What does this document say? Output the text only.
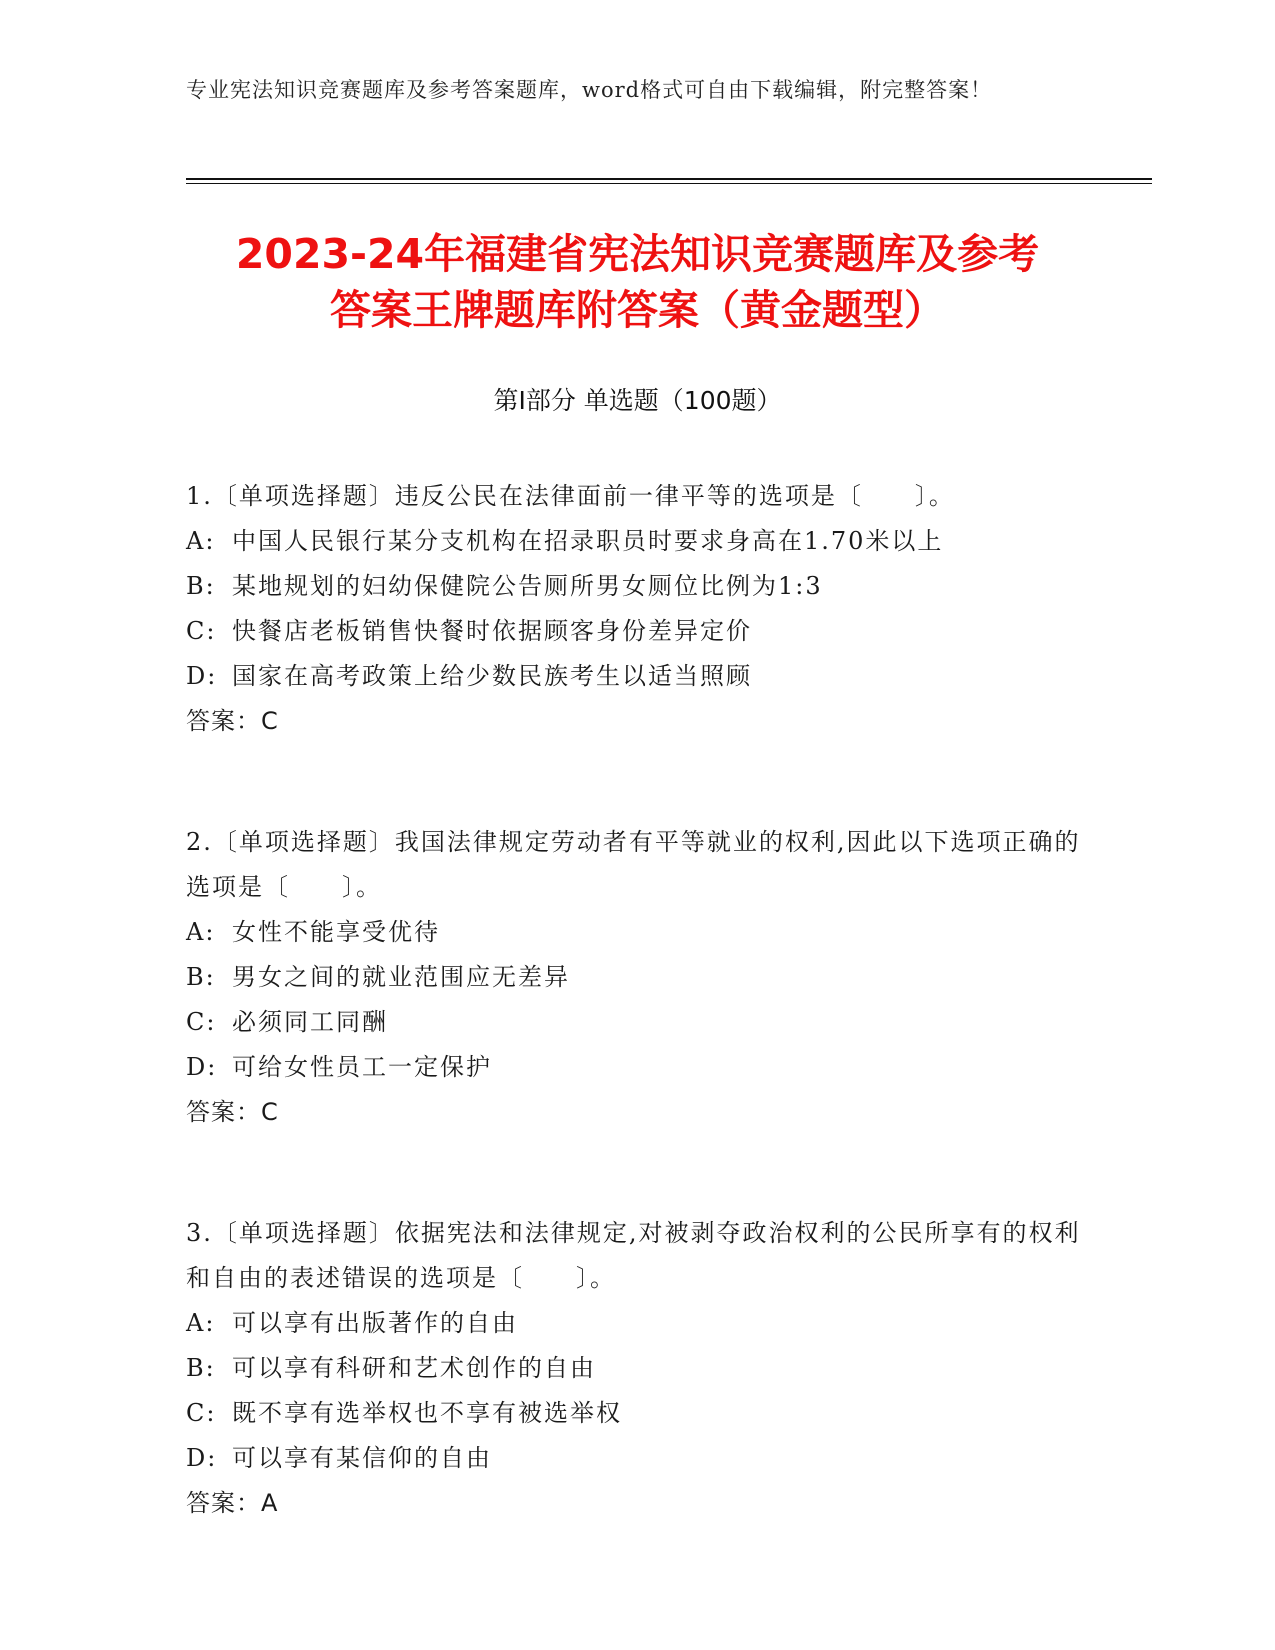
专业宪法知识竞赛题库及参考答案题库，word格式可自由下载编辑，附完整答案！
2023-24年福建省宪法知识竞赛题库及参考
答案王牌题库附答案（黄金题型）
第Ⅰ部分 单选题（100题）

1.〔单项选择题〕违反公民在法律面前一律平等的选项是〔　　〕。

A: 中国人民银行某分支机构在招录职员时要求身高在1.70米以上

B: 某地规划的妇幼保健院公告厕所男女厕位比例为1:3

C: 快餐店老板销售快餐时依据顾客身份差异定价

D: 国家在高考政策上给少数民族考生以适当照顾

答案：C

2.〔单项选择题〕我国法律规定劳动者有平等就业的权利,因此以下选项正确的选项是〔　　〕。

A: 女性不能享受优待

B: 男女之间的就业范围应无差异

C: 必须同工同酬

D: 可给女性员工一定保护

答案：C

3.〔单项选择题〕依据宪法和法律规定,对被剥夺政治权利的公民所享有的权利和自由的表述错误的选项是〔　　〕。

A: 可以享有出版著作的自由

B: 可以享有科研和艺术创作的自由

C: 既不享有选举权也不享有被选举权

D: 可以享有某信仰的自由

答案：A
